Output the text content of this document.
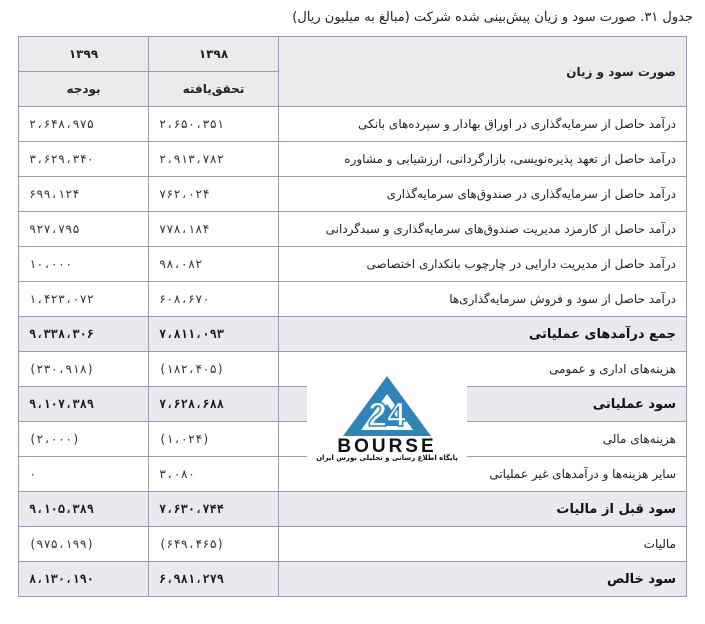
جدول ۳۱. صورت سود و زیان پیش‌بینی شده شرکت (مبالغ به میلیون ریال)
صورت سود و زیان	۱۳۹۸	۱۳۹۹
	تحقق‌یافته	بودجه
درآمد حاصل از سرمایه‌گذاری در اوراق بهادار و سپرده‌های بانکی	۲،۶۵۰،۳۵۱	۲،۶۴۸،۹۷۵
درآمد حاصل از تعهد پذیره‌نویسی، بازارگردانی، ارزشیابی و مشاوره	۲،۹۱۳،۷۸۲	۳،۶۲۹،۳۴۰
درآمد حاصل از سرمایه‌گذاری در صندوق‌های سرمایه‌گذاری	۷۶۲،۰۲۴	۶۹۹،۱۲۴
درآمد حاصل از کارمزد مدیریت صندوق‌های سرمایه‌گذاری و سبدگردانی	۷۷۸،۱۸۴	۹۲۷،۷۹۵
درآمد حاصل از مدیریت دارایی در چارچوب بانکداری اختصاصی	۹۸،۰۸۲	۱۰،۰۰۰
درآمد حاصل از سود و فروش سرمایه‌گذاری‌ها	۶۰۸،۶۷۰	۱،۴۲۳،۰۷۲
جمع درآمدهای عملیاتی	۷،۸۱۱،۰۹۳	۹،۳۳۸،۳۰۶
هزینه‌های اداری و عمومی	(۱۸۲،۴۰۵)	(۲۳۰،۹۱۸)
سود عملیاتی	۷،۶۲۸،۶۸۸	۹،۱۰۷،۳۸۹
هزینه‌های مالی	(۱،۰۲۴)	(۲،۰۰۰)
سایر هزینه‌ها و درآمدهای غیر عملیاتی	۳،۰۸۰	۰
سود قبل از مالیات	۷،۶۳۰،۷۴۴	۹،۱۰۵،۳۸۹
مالیات	(۶۴۹،۴۶۵)	(۹۷۵،۱۹۹)
سود خالص	۶،۹۸۱،۲۷۹	۸،۱۳۰،۱۹۰
24
BOURSE
پایگاه اطلاع رسانی و تحلیلی بورس ایران
